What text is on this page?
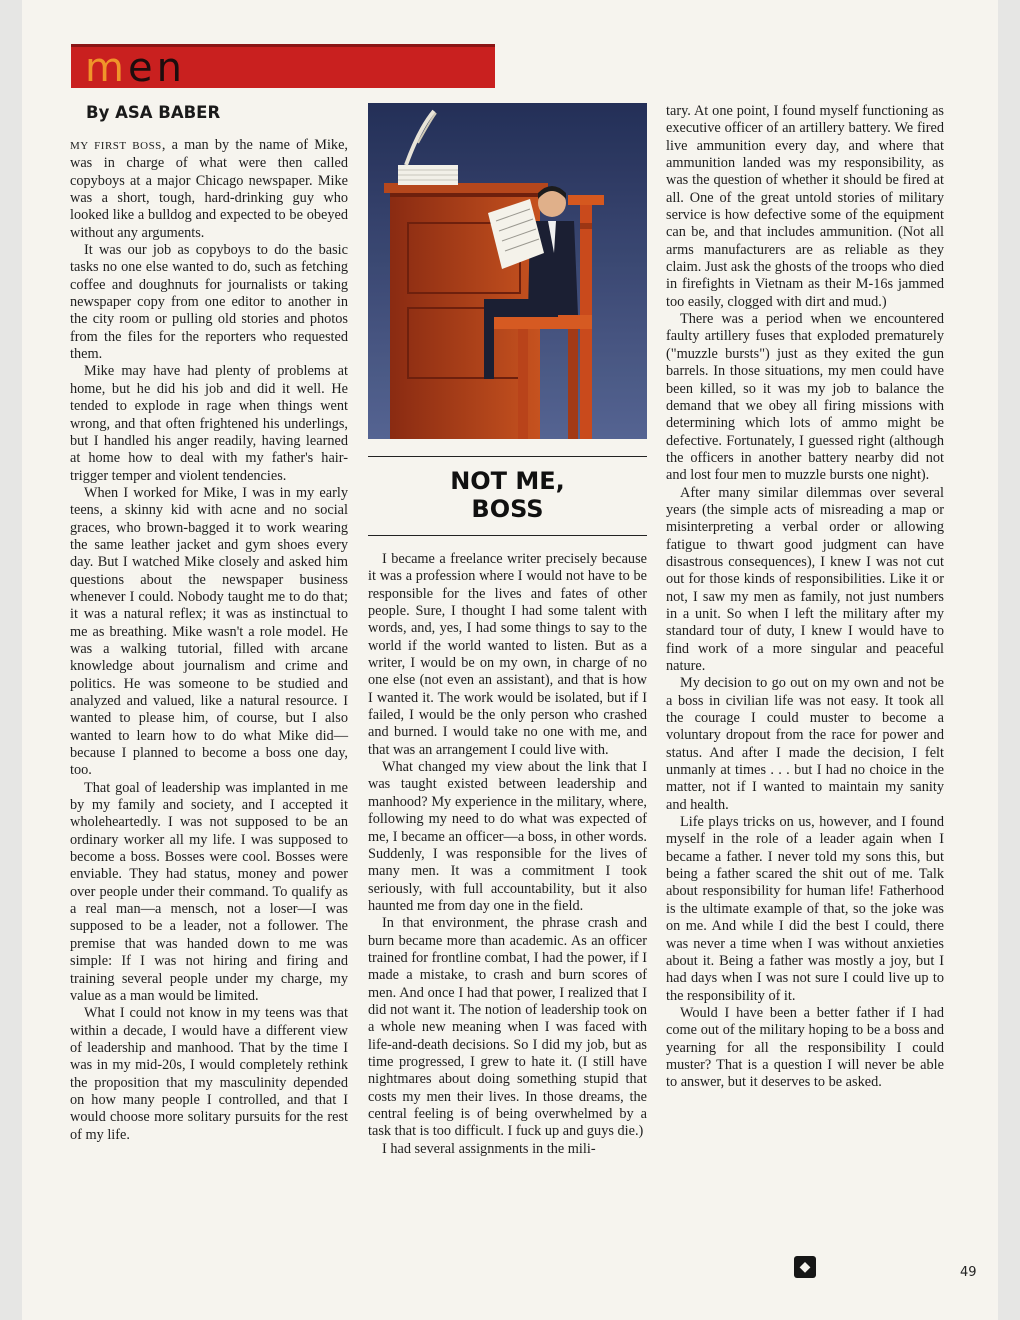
men
By ASA BABER

MY FIRST BOSS, a man by the name of Mike, was in charge of what were then called copyboys at a major Chicago newspaper. Mike was a short, tough, hard-drinking guy who looked like a bulldog and expected to be obeyed without any arguments.

It was our job as copyboys to do the basic tasks no one else wanted to do, such as fetching coffee and doughnuts for journalists or taking newspaper copy from one editor to another in the city room or pulling old stories and photos from the files for the reporters who requested them.

Mike may have had plenty of problems at home, but he did his job and did it well. He tended to explode in rage when things went wrong, and that often frightened his underlings, but I handled his anger readily, having learned at home how to deal with my father's hair-trigger temper and violent tendencies.

When I worked for Mike, I was in my early teens, a skinny kid with acne and no social graces, who brown-bagged it to work wearing the same leather jacket and gym shoes every day. But I watched Mike closely and asked him questions about the newspaper business whenever I could. Nobody taught me to do that; it was a natural reflex; it was as instinctual to me as breathing. Mike wasn't a role model. He was a walking tutorial, filled with arcane knowledge about journalism and crime and politics. He was someone to be studied and analyzed and valued, like a natural resource. I wanted to please him, of course, but I also wanted to learn how to do what Mike did—because I planned to become a boss one day, too.

That goal of leadership was implanted in me by my family and society, and I accepted it wholeheartedly. I was not supposed to be an ordinary worker all my life. I was supposed to become a boss. Bosses were cool. Bosses were enviable. They had status, money and power over people under their command. To qualify as a real man—a mensch, not a loser—I was supposed to be a leader, not a follower. The premise that was handed down to me was simple: If I was not hiring and firing and training several people under my charge, my value as a man would be limited.

What I could not know in my teens was that within a decade, I would have a different view of leadership and manhood. That by the time I was in my mid-20s, I would completely rethink the proposition that my masculinity depended on how many people I controlled, and that I would choose more solitary pursuits for the rest of my life.

NOT ME,
BOSS

I became a freelance writer precisely because it was a profession where I would not have to be responsible for the lives and fates of other people. Sure, I thought I had some talent with words, and, yes, I had some things to say to the world if the world wanted to listen. But as a writer, I would be on my own, in charge of no one else (not even an assistant), and that is how I wanted it. The work would be isolated, but if I failed, I would be the only person who crashed and burned. I would take no one with me, and that was an arrangement I could live with.

What changed my view about the link that I was taught existed between leadership and manhood? My experience in the military, where, following my need to do what was expected of me, I became an officer—a boss, in other words. Suddenly, I was responsible for the lives of many men. It was a commitment I took seriously, with full accountability, but it also haunted me from day one in the field.

In that environment, the phrase crash and burn became more than academic. As an officer trained for frontline combat, I had the power, if I made a mistake, to crash and burn scores of men. And once I had that power, I realized that I did not want it. The notion of leadership took on a whole new meaning when I was faced with life-and-death decisions. So I did my job, but as time progressed, I grew to hate it. (I still have nightmares about doing something stupid that costs my men their lives. In those dreams, the central feeling is of being overwhelmed by a task that is too difficult. I fuck up and guys die.)

I had several assignments in the mili-

tary. At one point, I found myself functioning as executive officer of an artillery battery. We fired live ammunition every day, and where that ammunition landed was my responsibility, as was the question of whether it should be fired at all. One of the great untold stories of military service is how defective some of the equipment can be, and that includes ammunition. (Not all arms manufacturers are as reliable as they claim. Just ask the ghosts of the troops who died in firefights in Vietnam as their M-16s jammed too easily, clogged with dirt and mud.)

There was a period when we encountered faulty artillery fuses that exploded prematurely ("muzzle bursts") just as they exited the gun barrels. In those situations, my men could have been killed, so it was my job to balance the demand that we obey all firing missions with determining which lots of ammo might be defective. Fortunately, I guessed right (although the officers in another battery nearby did not and lost four men to muzzle bursts one night).

After many similar dilemmas over several years (the simple acts of misreading a map or misinterpreting a verbal order or allowing fatigue to thwart good judgment can have disastrous consequences), I knew I was not cut out for those kinds of responsibilities. Like it or not, I saw my men as family, not just numbers in a unit. So when I left the military after my standard tour of duty, I knew I would have to find work of a more singular and peaceful nature.

My decision to go out on my own and not be a boss in civilian life was not easy. It took all the courage I could muster to become a voluntary dropout from the race for power and status. And after I made the decision, I felt unmanly at times . . . but I had no choice in the matter, not if I wanted to maintain my sanity and health.

Life plays tricks on us, however, and I found myself in the role of a leader again when I became a father. I never told my sons this, but being a father scared the shit out of me. Talk about responsibility for human life! Fatherhood is the ultimate example of that, so the joke was on me. And while I did the best I could, there was never a time when I was without anxieties about it. Being a father was mostly a joy, but I had days when I was not sure I could live up to the responsibility of it.

Would I have been a better father if I had come out of the military hoping to be a boss and yearning for all the responsibility I could muster? That is a question I will never be able to answer, but it deserves to be asked.

◆	49
